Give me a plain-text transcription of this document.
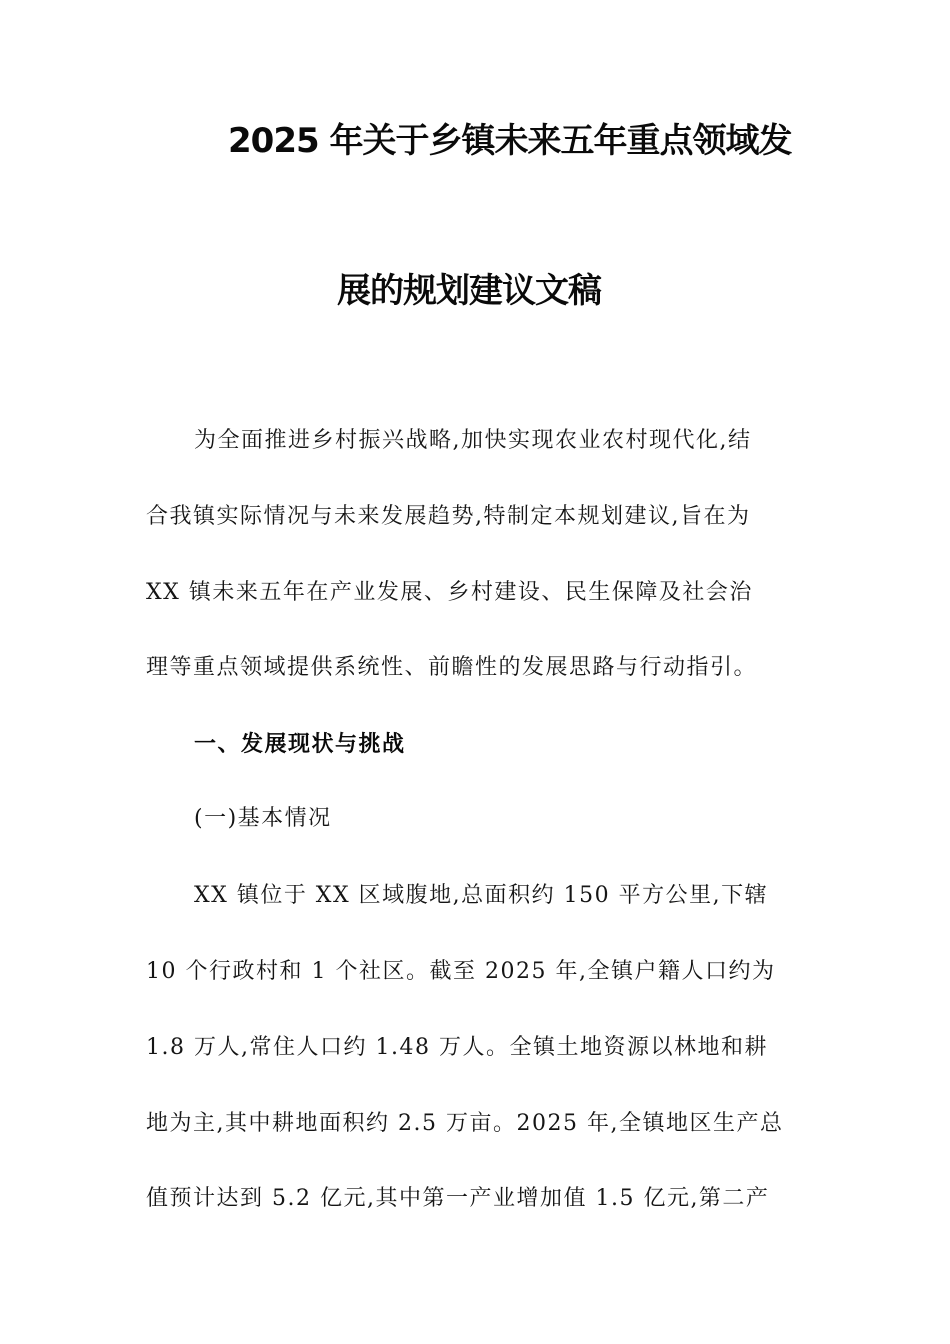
2025 年关于乡镇未来五年重点领域发
展的规划建议文稿
为全面推进乡村振兴战略,加快实现农业农村现代化,结
合我镇实际情况与未来发展趋势,特制定本规划建议,旨在为
XX 镇未来五年在产业发展、乡村建设、民生保障及社会治
理等重点领域提供系统性、前瞻性的发展思路与行动指引。
一、发展现状与挑战
(一)基本情况
XX 镇位于 XX 区域腹地,总面积约 150 平方公里,下辖
10 个行政村和 1 个社区。截至 2025 年,全镇户籍人口约为
1.8 万人,常住人口约 1.48 万人。全镇土地资源以林地和耕
地为主,其中耕地面积约 2.5 万亩。2025 年,全镇地区生产总
值预计达到 5.2 亿元,其中第一产业增加值 1.5 亿元,第二产
